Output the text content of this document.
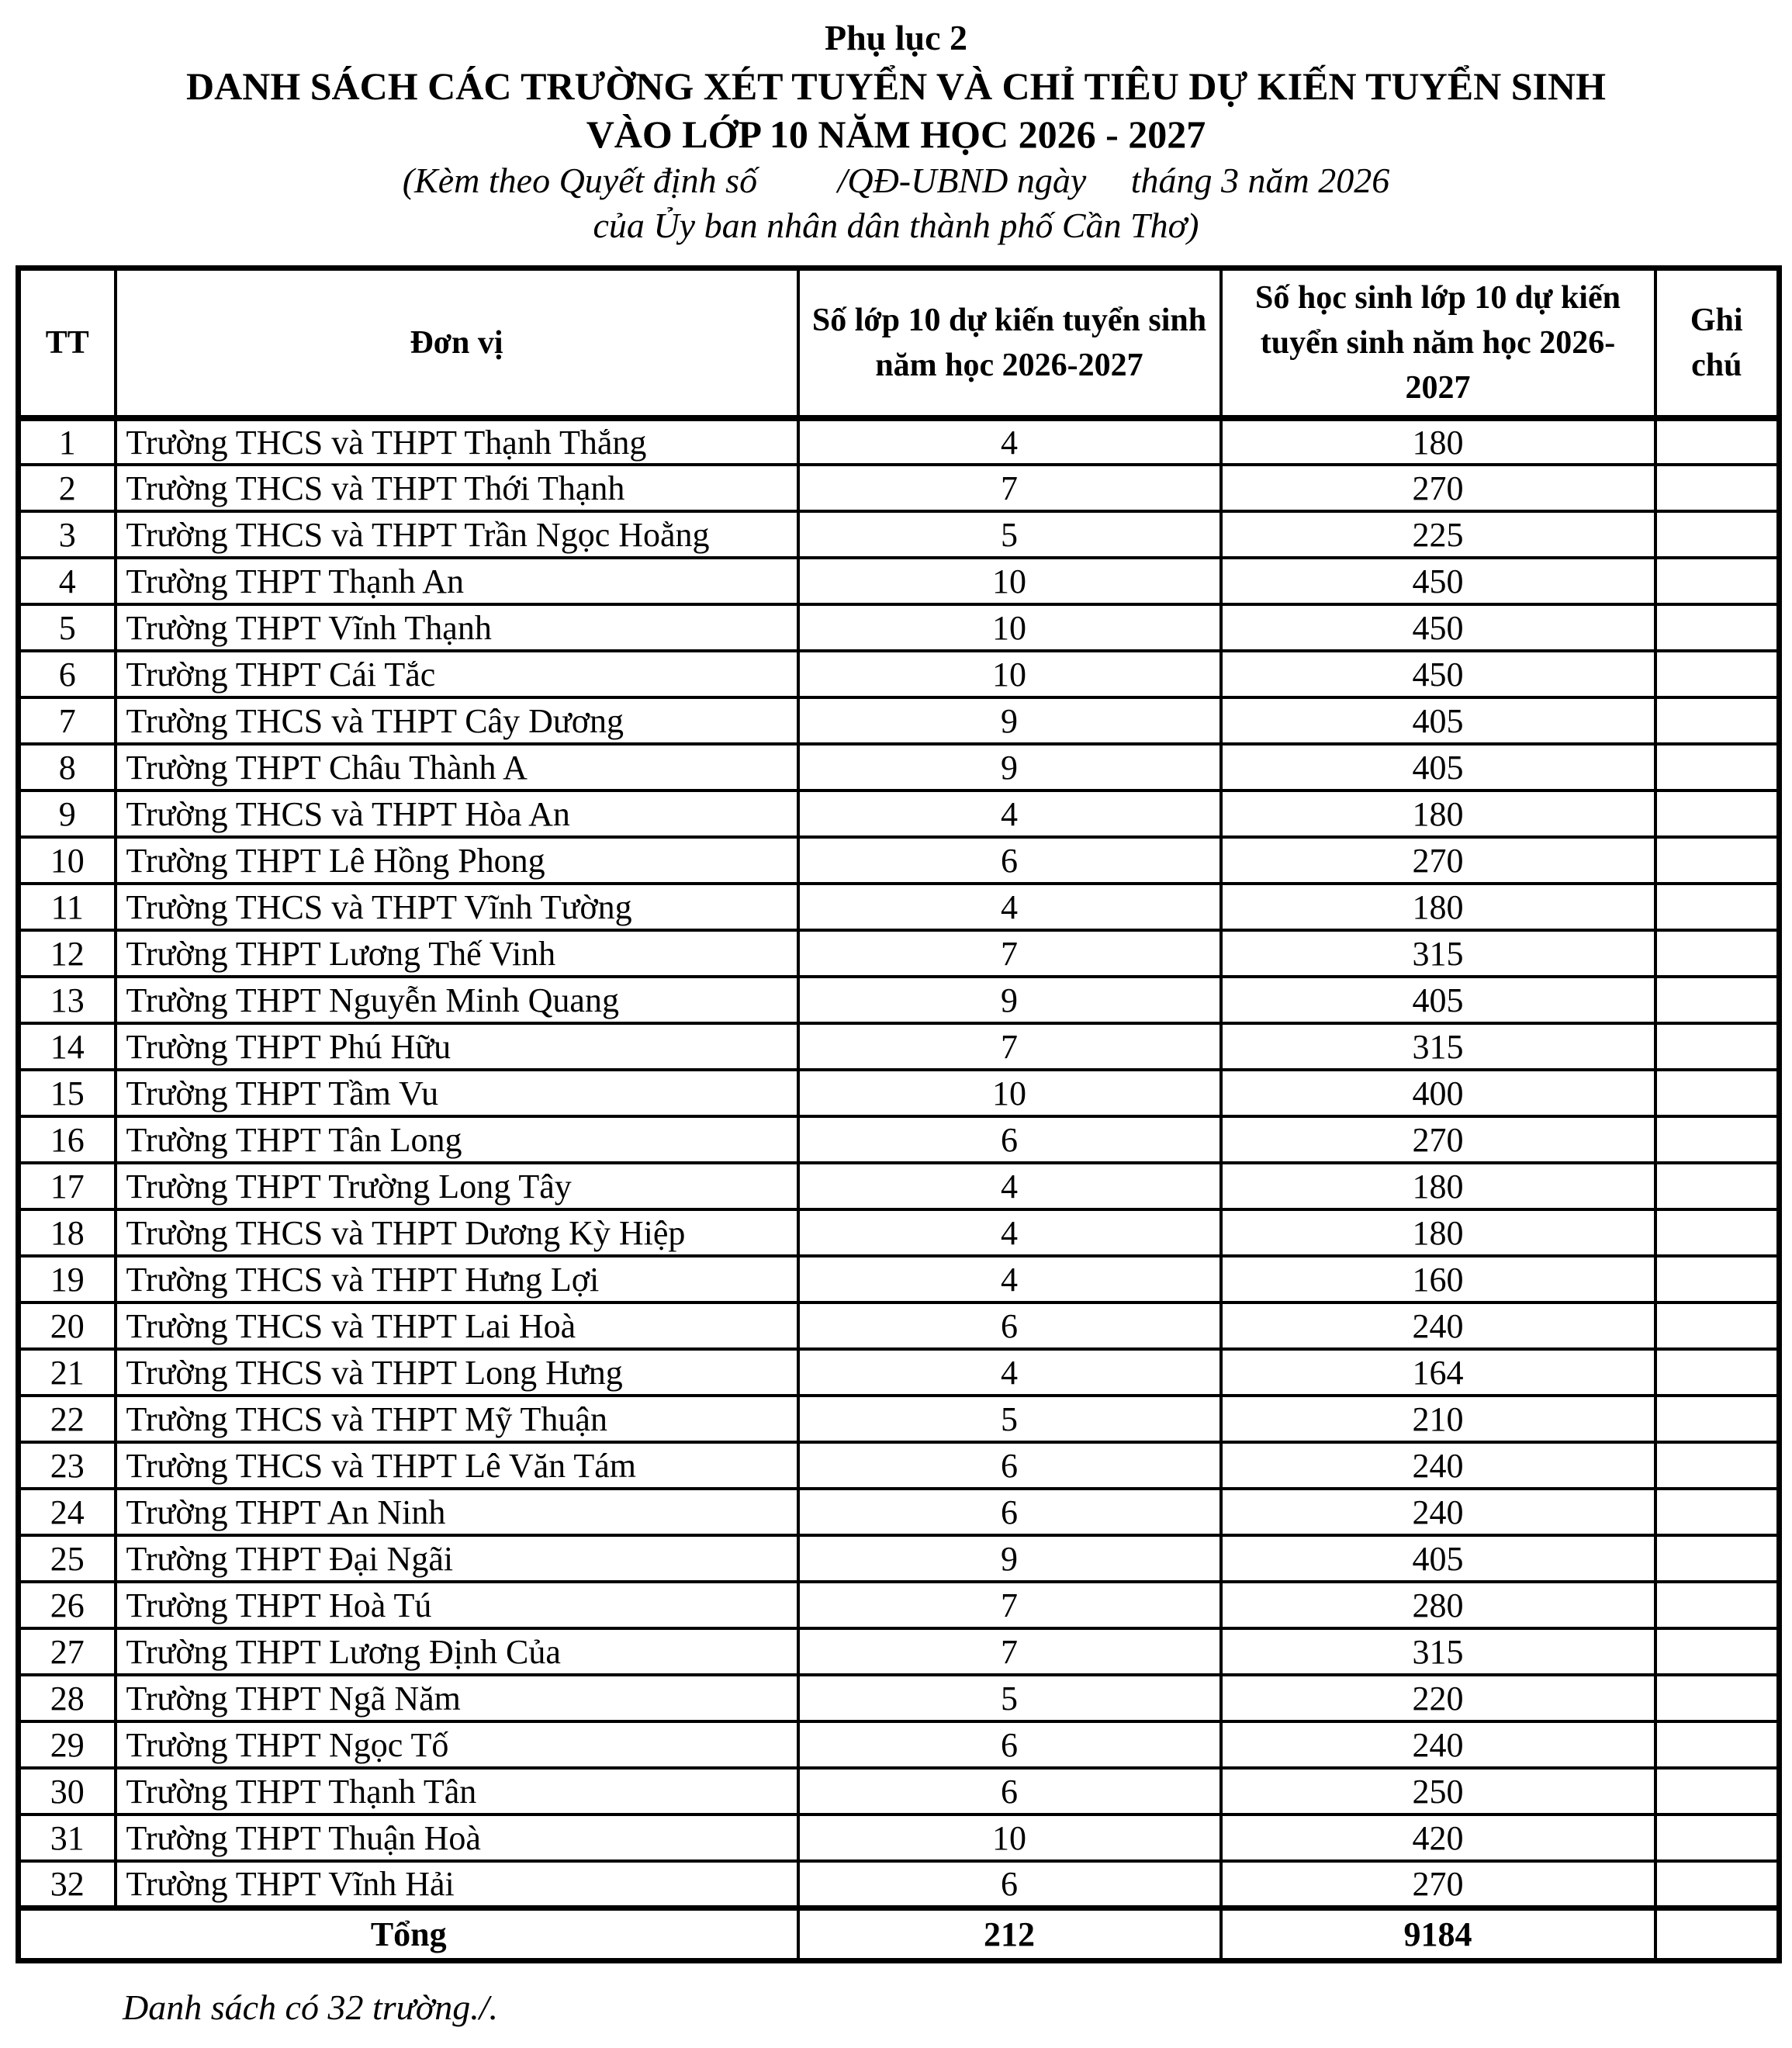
Phụ lục 2
DANH SÁCH CÁC TRƯỜNG XÉT TUYỂN VÀ CHỈ TIÊU DỰ KIẾN TUYỂN SINH
VÀO LỚP 10 NĂM HỌC 2026 - 2027
(Kèm theo Quyết định số         /QĐ-UBND ngày     tháng 3 năm 2026
của Ủy ban nhân dân thành phố Cần Thơ)
TT	Đơn vị	Số lớp 10 dự kiến tuyển sinh năm học 2026-2027	Số học sinh lớp 10 dự kiến tuyển sinh năm học 2026-2027	Ghi chú
1	Trường THCS và THPT Thạnh Thắng	4	180	
2	Trường THCS và THPT Thới Thạnh	7	270	
3	Trường THCS và THPT Trần Ngọc Hoằng	5	225	
4	Trường THPT Thạnh An	10	450	
5	Trường THPT Vĩnh Thạnh	10	450	
6	Trường THPT Cái Tắc	10	450	
7	Trường THCS và THPT Cây Dương	9	405	
8	Trường THPT Châu Thành A	9	405	
9	Trường THCS và THPT Hòa An	4	180	
10	Trường THPT Lê Hồng Phong	6	270	
11	Trường THCS và THPT Vĩnh Tường	4	180	
12	Trường THPT Lương Thế Vinh	7	315	
13	Trường THPT Nguyễn Minh Quang	9	405	
14	Trường THPT Phú Hữu	7	315	
15	Trường THPT Tầm Vu	10	400	
16	Trường THPT Tân Long	6	270	
17	Trường THPT Trường Long Tây	4	180	
18	Trường THCS và THPT Dương Kỳ Hiệp	4	180	
19	Trường THCS và THPT Hưng Lợi	4	160	
20	Trường THCS và THPT Lai Hoà	6	240	
21	Trường THCS và THPT Long Hưng	4	164	
22	Trường THCS và THPT Mỹ Thuận	5	210	
23	Trường THCS và THPT Lê Văn Tám	6	240	
24	Trường THPT An Ninh	6	240	
25	Trường THPT Đại Ngãi	9	405	
26	Trường THPT Hoà Tú	7	280	
27	Trường THPT Lương Định Của	7	315	
28	Trường THPT Ngã Năm	5	220	
29	Trường THPT Ngọc Tố	6	240	
30	Trường THPT Thạnh Tân	6	250	
31	Trường THPT Thuận Hoà	10	420	
32	Trường THPT Vĩnh Hải	6	270	
Tổng		212	9184	
Danh sách có 32 trường./.
